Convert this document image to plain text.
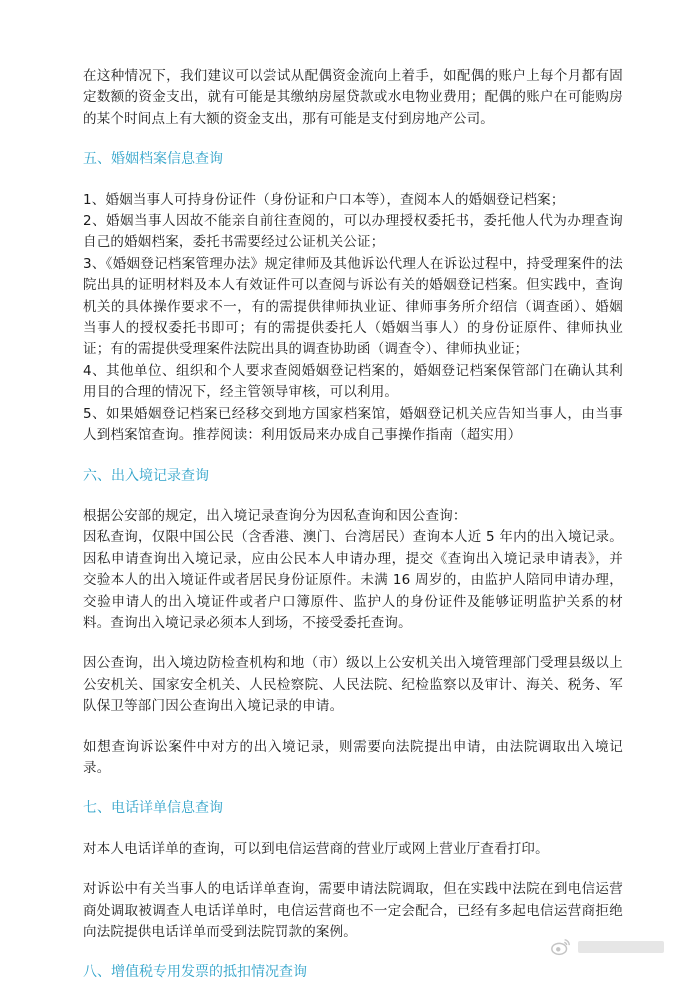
在这种情况下，我们建议可以尝试从配偶资金流向上着手，如配偶的账户上每个月都有固定数额的资金支出，就有可能是其缴纳房屋贷款或水电物业费用；配偶的账户在可能购房的某个时间点上有大额的资金支出，那有可能是支付到房地产公司。

五、婚姻档案信息查询

1、婚姻当事人可持身份证件（身份证和户口本等），查阅本人的婚姻登记档案；

2、婚姻当事人因故不能亲自前往查阅的，可以办理授权委托书，委托他人代为办理查询自己的婚姻档案，委托书需要经过公证机关公证；

3、《婚姻登记档案管理办法》规定律师及其他诉讼代理人在诉讼过程中，持受理案件的法院出具的证明材料及本人有效证件可以查阅与诉讼有关的婚姻登记档案。但实践中，查询机关的具体操作要求不一，有的需提供律师执业证、律师事务所介绍信（调查函）、婚姻当事人的授权委托书即可；有的需提供委托人（婚姻当事人）的身份证原件、律师执业证；有的需提供受理案件法院出具的调查协助函（调查令）、律师执业证；

4、其他单位、组织和个人要求查阅婚姻登记档案的，婚姻登记档案保管部门在确认其利用目的合理的情况下，经主管领导审核，可以利用。

5、如果婚姻登记档案已经移交到地方国家档案馆，婚姻登记机关应告知当事人，由当事人到档案馆查询。推荐阅读：利用饭局来办成自己事操作指南（超实用）

六、出入境记录查询

根据公安部的规定，出入境记录查询分为因私查询和因公查询：

因私查询，仅限中国公民（含香港、澳门、台湾居民）查询本人近 5 年内的出入境记录。因私申请查询出入境记录，应由公民本人申请办理，提交《查询出入境记录申请表》，并交验本人的出入境证件或者居民身份证原件。未满 16 周岁的，由监护人陪同申请办理，交验申请人的出入境证件或者户口簿原件、监护人的身份证件及能够证明监护关系的材料。查询出入境记录必须本人到场，不接受委托查询。

因公查询，出入境边防检查机构和地（市）级以上公安机关出入境管理部门受理县级以上公安机关、国家安全机关、人民检察院、人民法院、纪检监察以及审计、海关、税务、军队保卫等部门因公查询出入境记录的申请。

如想查询诉讼案件中对方的出入境记录，则需要向法院提出申请，由法院调取出入境记录。

七、电话详单信息查询

对本人电话详单的查询，可以到电信运营商的营业厅或网上营业厅查看打印。

对诉讼中有关当事人的电话详单查询，需要申请法院调取，但在实践中法院在到电信运营商处调取被调查人电话详单时，电信运营商也不一定会配合，已经有多起电信运营商拒绝向法院提供电话详单而受到法院罚款的案例。

八、增值税专用发票的抵扣情况查询
